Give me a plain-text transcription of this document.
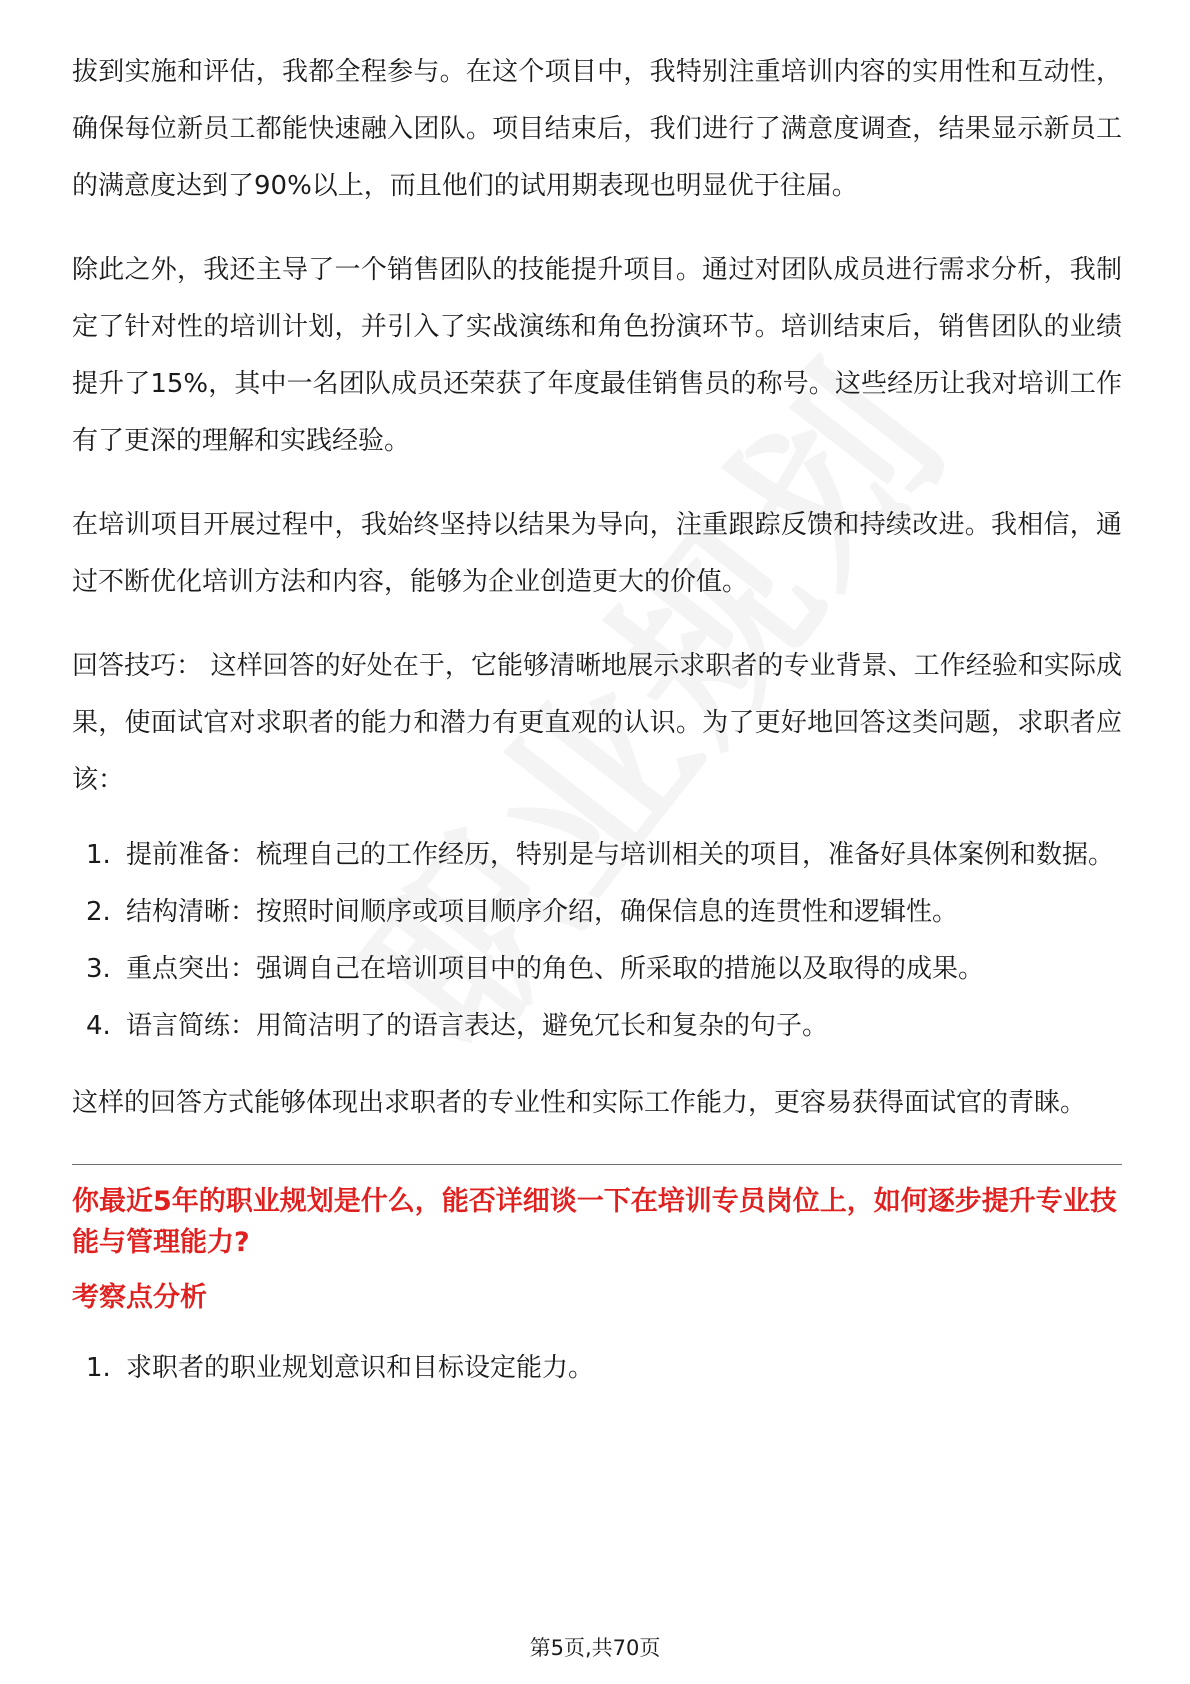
拔到实施和评估，我都全程参与。在这个项目中，我特别注重培训内容的实用性和互动性，确保每位新员工都能快速融入团队。项目结束后，我们进行了满意度调查，结果显示新员工的满意度达到了90%以上，而且他们的试用期表现也明显优于往届。

除此之外，我还主导了一个销售团队的技能提升项目。通过对团队成员进行需求分析，我制定了针对性的培训计划，并引入了实战演练和角色扮演环节。培训结束后，销售团队的业绩提升了15%，其中一名团队成员还荣获了年度最佳销售员的称号。这些经历让我对培训工作有了更深的理解和实践经验。

在培训项目开展过程中，我始终坚持以结果为导向，注重跟踪反馈和持续改进。我相信，通过不断优化培训方法和内容，能够为企业创造更大的价值。

回答技巧： 这样回答的好处在于，它能够清晰地展示求职者的专业背景、工作经验和实际成果，使面试官对求职者的能力和潜力有更直观的认识。为了更好地回答这类问题，求职者应该：

1. 提前准备：梳理自己的工作经历，特别是与培训相关的项目，准备好具体案例和数据。
2. 结构清晰：按照时间顺序或项目顺序介绍，确保信息的连贯性和逻辑性。
3. 重点突出：强调自己在培训项目中的角色、所采取的措施以及取得的成果。
4. 语言简练：用简洁明了的语言表达，避免冗长和复杂的句子。

这样的回答方式能够体现出求职者的专业性和实际工作能力，更容易获得面试官的青睐。

你最近5年的职业规划是什么，能否详细谈一下在培训专员岗位上，如何逐步提升专业技能与管理能力?
考察点分析
1. 求职者的职业规划意识和目标设定能力。
第5页,共70页
